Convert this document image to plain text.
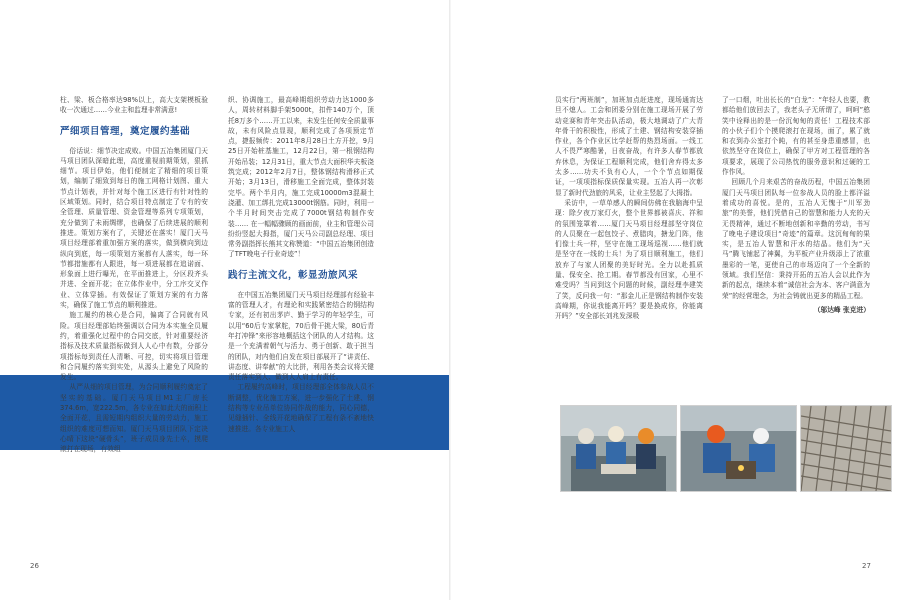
柱、梁、板合格率达98%以上，高大支架模板验收一次通过……今业主和监理非常满意!

严细项目管理，奠定履约基础

俗话说：细节决定成败。中国五冶集团厦门天马项目团队深暗此理，高度重视前期策划，狠抓细节。项目伊始，他们便制定了精细的项目策划，编制了细致到每日的施工网格计划图、重大节点计划表，并针对每个施工区进行有针对性的区域策划。同时，结合项目特点制定了专有的安全管理、质量管理、资金管理等系列专项策划，充分做到了未雨绸缪，也确保了后续进展的顺利推进。策划方案有了，关键还在落实！厦门天马项目经理部着重加强方案的落实，做到横向到边纵向到底，每一项策划方案都有人落实，每一环节都措施都有人跟进，每一项进展都在追诺面、形象面上进行曝光，在平面推进上，分区段齐头并进、全面开花；在立体作业中，分工序交叉作业、立体穿插。有效保证了策划方案的有力落实，确保了施工节点的顺利推进。

施工履约的核心是合同，偏离了合同就有风险。项目经理部始终强调以合同为本实施全员履约，着重强化过程中的合同交底，针对重要经济指标及技术质量指标做到人人心中有数，分部分项指标每到责任人清晰、可控，切实将项目管理和合同履约落实到实处，从源头上避免了风险的发生。

从严从细的项目管理，为合同顺利履约奠定了坚实的基础。厦门天马项目M1主厂房长374.6m，宽222.5m，各专业在如此大的面积上全面开花，且需短期内组织大量的劳动力，施工组织的难度可想而知。厦门天马项目团队下定决心晴下这块“硬骨头”，班子成员身先士卒，摸爬滚打在现场，有效组

织、协调施工，最高峰期组织劳动力达1000多人，周转材料脚手架5000t，扣件140万个，顶托8万多个……开工以来，未发生任何安全质量事故，未有风险点显现，顺利完成了各项预定节点，捷报频传：2011年8月28日土方开挖，9月25日开始桩基施工，12月22日，第一根钢结构开始吊装；12月31日，重大节点大面积华夫板浇筑完成；2012年2月7日，整体钢结构滑移正式开始；3月13日，滑移施工全面完成，整体封装完毕。两个半月内，施工完成10000m3混凝土浇灌、加工绑扎完成13000t钢筋。同时，利用一个半月时间突击完成了7000t钢结构制作安装…… 在一幅幅骤顾的画面前，业主和管理公司纷纷竖起大拇指，厦门天马公司副总经理、项目常务副指挥长熊其文称赞道：“中国五冶集团创造了TFT晚电子行业奇迹”！

践行主流文化，彰显劲旅风采

在中国五冶集团厦门天马项目经理部有经验丰富的管理人才，有理论和实践紧密结合的钢结构专家，还有初出茅庐、勤于学习的年轻学生，可以用“60后专家掌舵，70后骨干挑大梁，80后青年打冲锋”来形容地概括这个团队的人才结构。这是一个充满着朝气与活力、勇于创新、敢于担当的团队，对内他们自发在项目部展开了“讲责任、讲态度、讲奉献”的大比拼，利用各类会议将关键责任落实到人、做到人人肩上有责任。

工程履约高峰时，项目经理部全体参战人员不断调整，优化施工方案，进一步强化了土建、钢结构等专业吊单位协同作战的能力，同心同德，见缝插针、全线开花地确保了工程有条不紊地快速推进。各专业施工人

26

员实行“两班制”，加班加点赶进度，现场通宵达旦不熄人。工会和团委分别在施工现场开展了劳动竞赛和青年突击队活动，极大地调动了广大青年骨干的积极性，形成了土建、钢结构安装穿插作业，各个作业区比学赶帮的热烈场面。一线工人不畏严寒酷暑，日夜奋战，有许多人春节都放弃休息，为保证工程顺利完成，他们舍弃得太多太多……功夫不负有心人，一个个节点如期保证，一项项指标保质保量实现。五冶人再一次彰显了新时代劲旅的风采，让业主竖起了大拇指。

采访中，一草单感人的瞬间仿佛在我脑海中呈现：除夕夜万家灯火，整个世界都被喜庆、祥和的氛围笼罩着……厦门天马项目经理部坚守岗位的人员聚在一起包饺子、煮腊肉，搪龙门阵，他们像士兵一样，坚守在施工现场巡视……他们就是坚守在一线的士兵！为了项目顺利施工，他们放弃了与家人团聚的美好时光。全力以赴抓质量、保安全、抢工期。春节都没有回家，心里不难受吗？当问到这个问题的时候，副经理李建笑了笑，反问我一句：“那金儿正是钢结构制作安装高峰期，你说我能离开吗？要是换成你，你能离开吗？”安全部长刘兆发深吸

了一口烟，吐出长长的“白龙”：“年轻人也要，教都给他们放回去了，我老头子无所谓了，呵呵”憨笑中诠释出的是一份沉甸甸的责任！工程技术部的小伙子们个个摸爬滚打在现场，面了，累了就和衣到办公室打个盹，有的甚至身患重感冒，也依然坚守在岗位上，确保了甲方对工程管理的各项要求，展现了公司热忱的服务意识和过硬的工作作风。

回顾几个月来艰苦的奋战历程，中国五冶集团厦门天马项目团队每一位参战人员的脸上都洋溢着成功的喜悦。是的，五冶人无愧于“川军劲旅”的美誉，他们凭借自己的智慧和能力人充的天无畏精神，通过不断地创新和辛勤的劳动，书写了晚电子建设项目“奇迹”的篇章。这沉甸甸的果实，是五冶人智慧和汗水的结晶。他们为“天马”腾飞铺起了神翼，为平板产业升级添上了浓重墨彩的一笔，更使自己的市场迈向了一个全新的领域。我们坚信：秉持开拓的五冶人会以此作为新的起点，继续本着“诚信社会为本、客户满意为荣”的经营理念，为社会铸就出更多的精品工程。

（邬达峰 张克进）
27
